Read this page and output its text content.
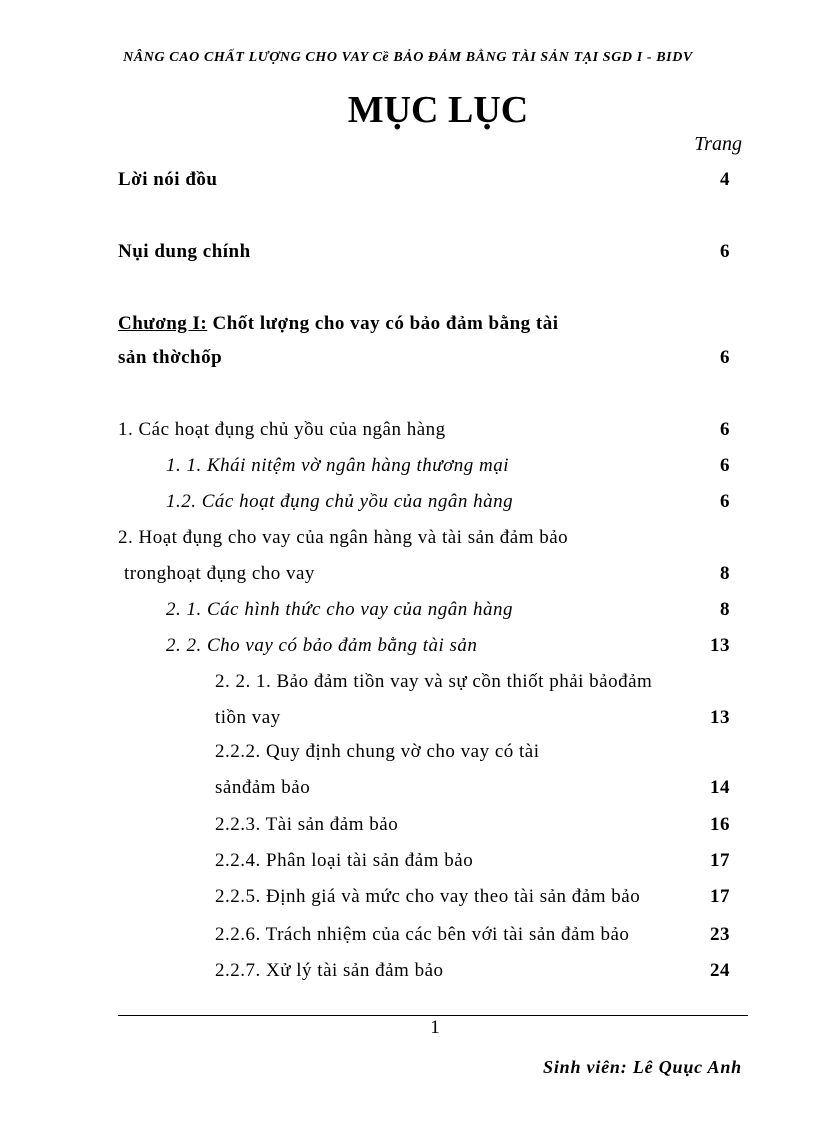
NÂNG CAO CHẤT LƯỢNG CHO VAY Cề BẢO ĐẢM BẰNG TÀI SẢN TẠI SGD I - BIDV
MỤC LỤC
Trang
Lời nói đồu	4
Nụi dung chính	6
Chương I: Chốt lượng cho vay có bảo đảm bằng tài
sản thờchốp	6
1. Các hoạt đụng chủ yồu của ngân hàng	6
1. 1. Khái nitệm vờ ngân hàng thương mại	6
1.2. Các hoạt đụng chủ yồu của ngân hàng	6
2. Hoạt đụng cho vay của ngân hàng và tài sản đảm bảo
tronghoạt đụng cho vay	8
2. 1. Các hình thức cho vay của ngân hàng	8
2. 2. Cho vay có bảo đảm bằng tài sản	13
2. 2. 1. Bảo đảm tiồn vay và sự cồn thiốt phải bảođảm
tiồn vay	13
2.2.2. Quy định chung vờ cho vay có tài
sảnđảm bảo	14
2.2.3. Tài sản đảm bảo	16
2.2.4. Phân loại tài sản đảm bảo	17
2.2.5. Định giá và mức cho vay theo tài sản đảm bảo	17
2.2.6. Trách nhiệm của các bên với tài sản đảm bảo	23
2.2.7. Xử lý tài sản đảm bảo	24
1
Sinh viên: Lê Quục Anh
